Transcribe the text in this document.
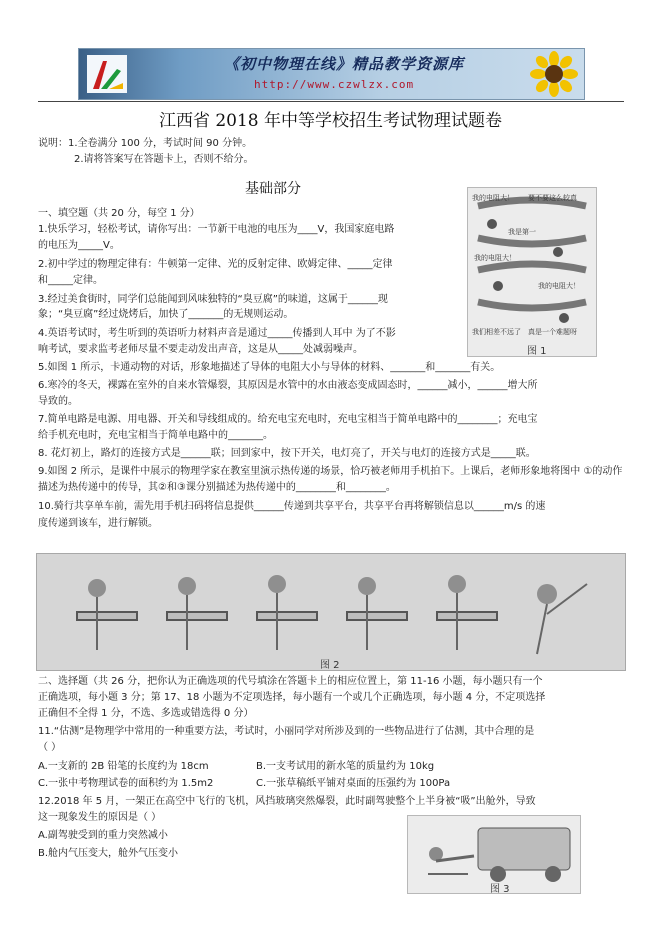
《初中物理在线》精品教学资源库
http://www.czwlzx.com
江西省 2018 年中等学校招生考试物理试题卷
说明：1.全卷满分 100 分，考试时间 90 分钟。
2.请将答案写在答题卡上，否则不给分。
基础部分
我的电阻大！ 要不要这么较真
我是第一
我的电阻大！
我的电阻大！
我们相差不远了 真是一个难题呀
图 1
一、填空题（共 20 分，每空 1 分）
1.快乐学习，轻松考试，请你写出：一节新干电池的电压为____V，我国家庭电路
的电压为_____V。
2.初中学过的物理定律有：牛顿第一定律、光的反射定律、欧姆定律、_____定律
和_____定律。
3.经过美食街时，同学们总能闻到风味独特的“臭豆腐”的味道，这属于______现
象；“臭豆腐”经过烧烤后，加快了_______的无规则运动。
4.英语考试时，考生听到的英语听力材料声音是通过_____传播到人耳中 为了不影
响考试，要求监考老师尽量不要走动发出声音，这是从_____处减弱噪声。
5.如图 1 所示，卡通动物的对话，形象地描述了导体的电阻大小与导体的材料、_______和_______有关。
6.寒冷的冬天，裸露在室外的自来水管爆裂，其原因是水管中的水由液态变成固态时，______减小，______增大所
导致的。
7.简单电路是电源、用电器、开关和导线组成的。给充电宝充电时，充电宝相当于简单电路中的________；充电宝
给手机充电时，充电宝相当于简单电路中的_______。
8. 花灯初上，路灯的连接方式是______联；回到家中，按下开关，电灯亮了，开关与电灯的连接方式是_____联。
9.如图 2 所示，是课件中展示的物理学家在教室里演示热传递的场景，恰巧被老师用手机拍下。上课后，老师形象地将图中 ①的动作
描述为热传递中的传导，其②和③课分别描述为热传递中的________和________。
10.骑行共享单车前，需先用手机扫码将信息提供______传递到共享平台，共享平台再将解锁信息以______m/s 的速
度传递到该车，进行解锁。
图 2
二、选择题（共 26 分，把你认为正确选项的代号填涂在答题卡上的相应位置上，第 11-16 小题，每小题只有一个
正确选项，每小题 3 分；第 17、18 小题为不定项选择，每小题有一个或几个正确选项，每小题 4 分，不定项选择
正确但不全得 1 分，不选、多选或错选得 0 分）
11.“估测”是物理学中常用的一种重要方法，考试时，小丽同学对所涉及到的一些物品进行了估测，其中合理的是
（ ）
A.一支新的 2B 铅笔的长度约为 18cm	B.一支考试用的新水笔的质量约为 10kg
C.一张中考物理试卷的面积约为 1.5m2	C.一张草稿纸平铺对桌面的压强约为 100Pa
12.2018 年 5 月，一架正在高空中飞行的飞机，风挡玻璃突然爆裂，此时副驾驶整个上半身被“吸”出舱外，导致
这一现象发生的原因是（ ）
A.副驾驶受到的重力突然减小
B.舱内气压变大，舱外气压变小
图 3
